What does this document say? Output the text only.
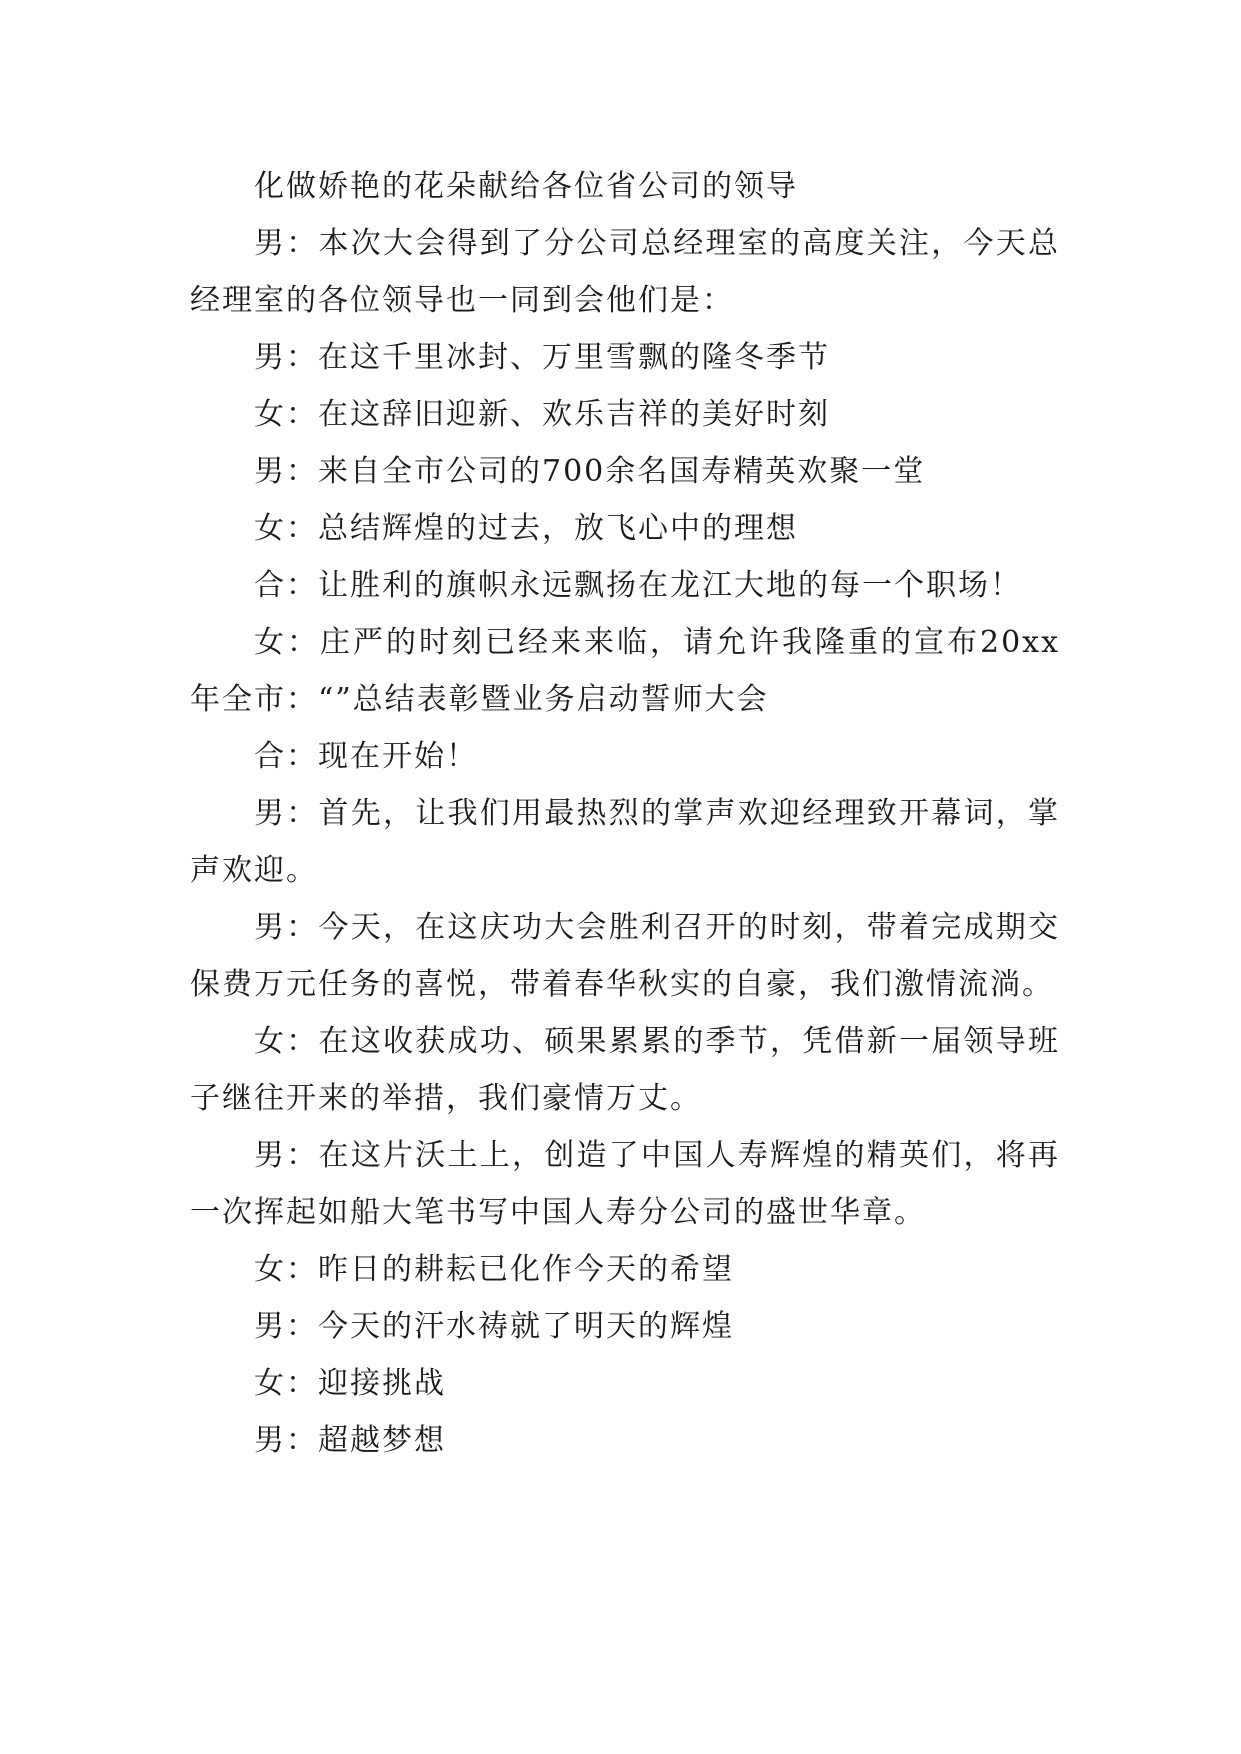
化做娇艳的花朵献给各位省公司的领导

男：本次大会得到了分公司总经理室的高度关注，今天总经理室的各位领导也一同到会他们是：

男：在这千里冰封、万里雪飘的隆冬季节

女：在这辞旧迎新、欢乐吉祥的美好时刻

男：来自全市公司的700余名国寿精英欢聚一堂

女：总结辉煌的过去，放飞心中的理想

合：让胜利的旗帜永远飘扬在龙江大地的每一个职场！

女：庄严的时刻已经来来临，请允许我隆重的宣布20xx年全市：“”总结表彰暨业务启动誓师大会

合：现在开始！

男：首先，让我们用最热烈的掌声欢迎经理致开幕词，掌声欢迎。

男：今天，在这庆功大会胜利召开的时刻，带着完成期交保费万元任务的喜悦，带着春华秋实的自豪，我们激情流淌。

女：在这收获成功、硕果累累的季节，凭借新一届领导班子继往开来的举措，我们豪情万丈。

男：在这片沃土上，创造了中国人寿辉煌的精英们，将再一次挥起如船大笔书写中国人寿分公司的盛世华章。

女：昨日的耕耘已化作今天的希望

男：今天的汗水祷就了明天的辉煌

女：迎接挑战

男：超越梦想
